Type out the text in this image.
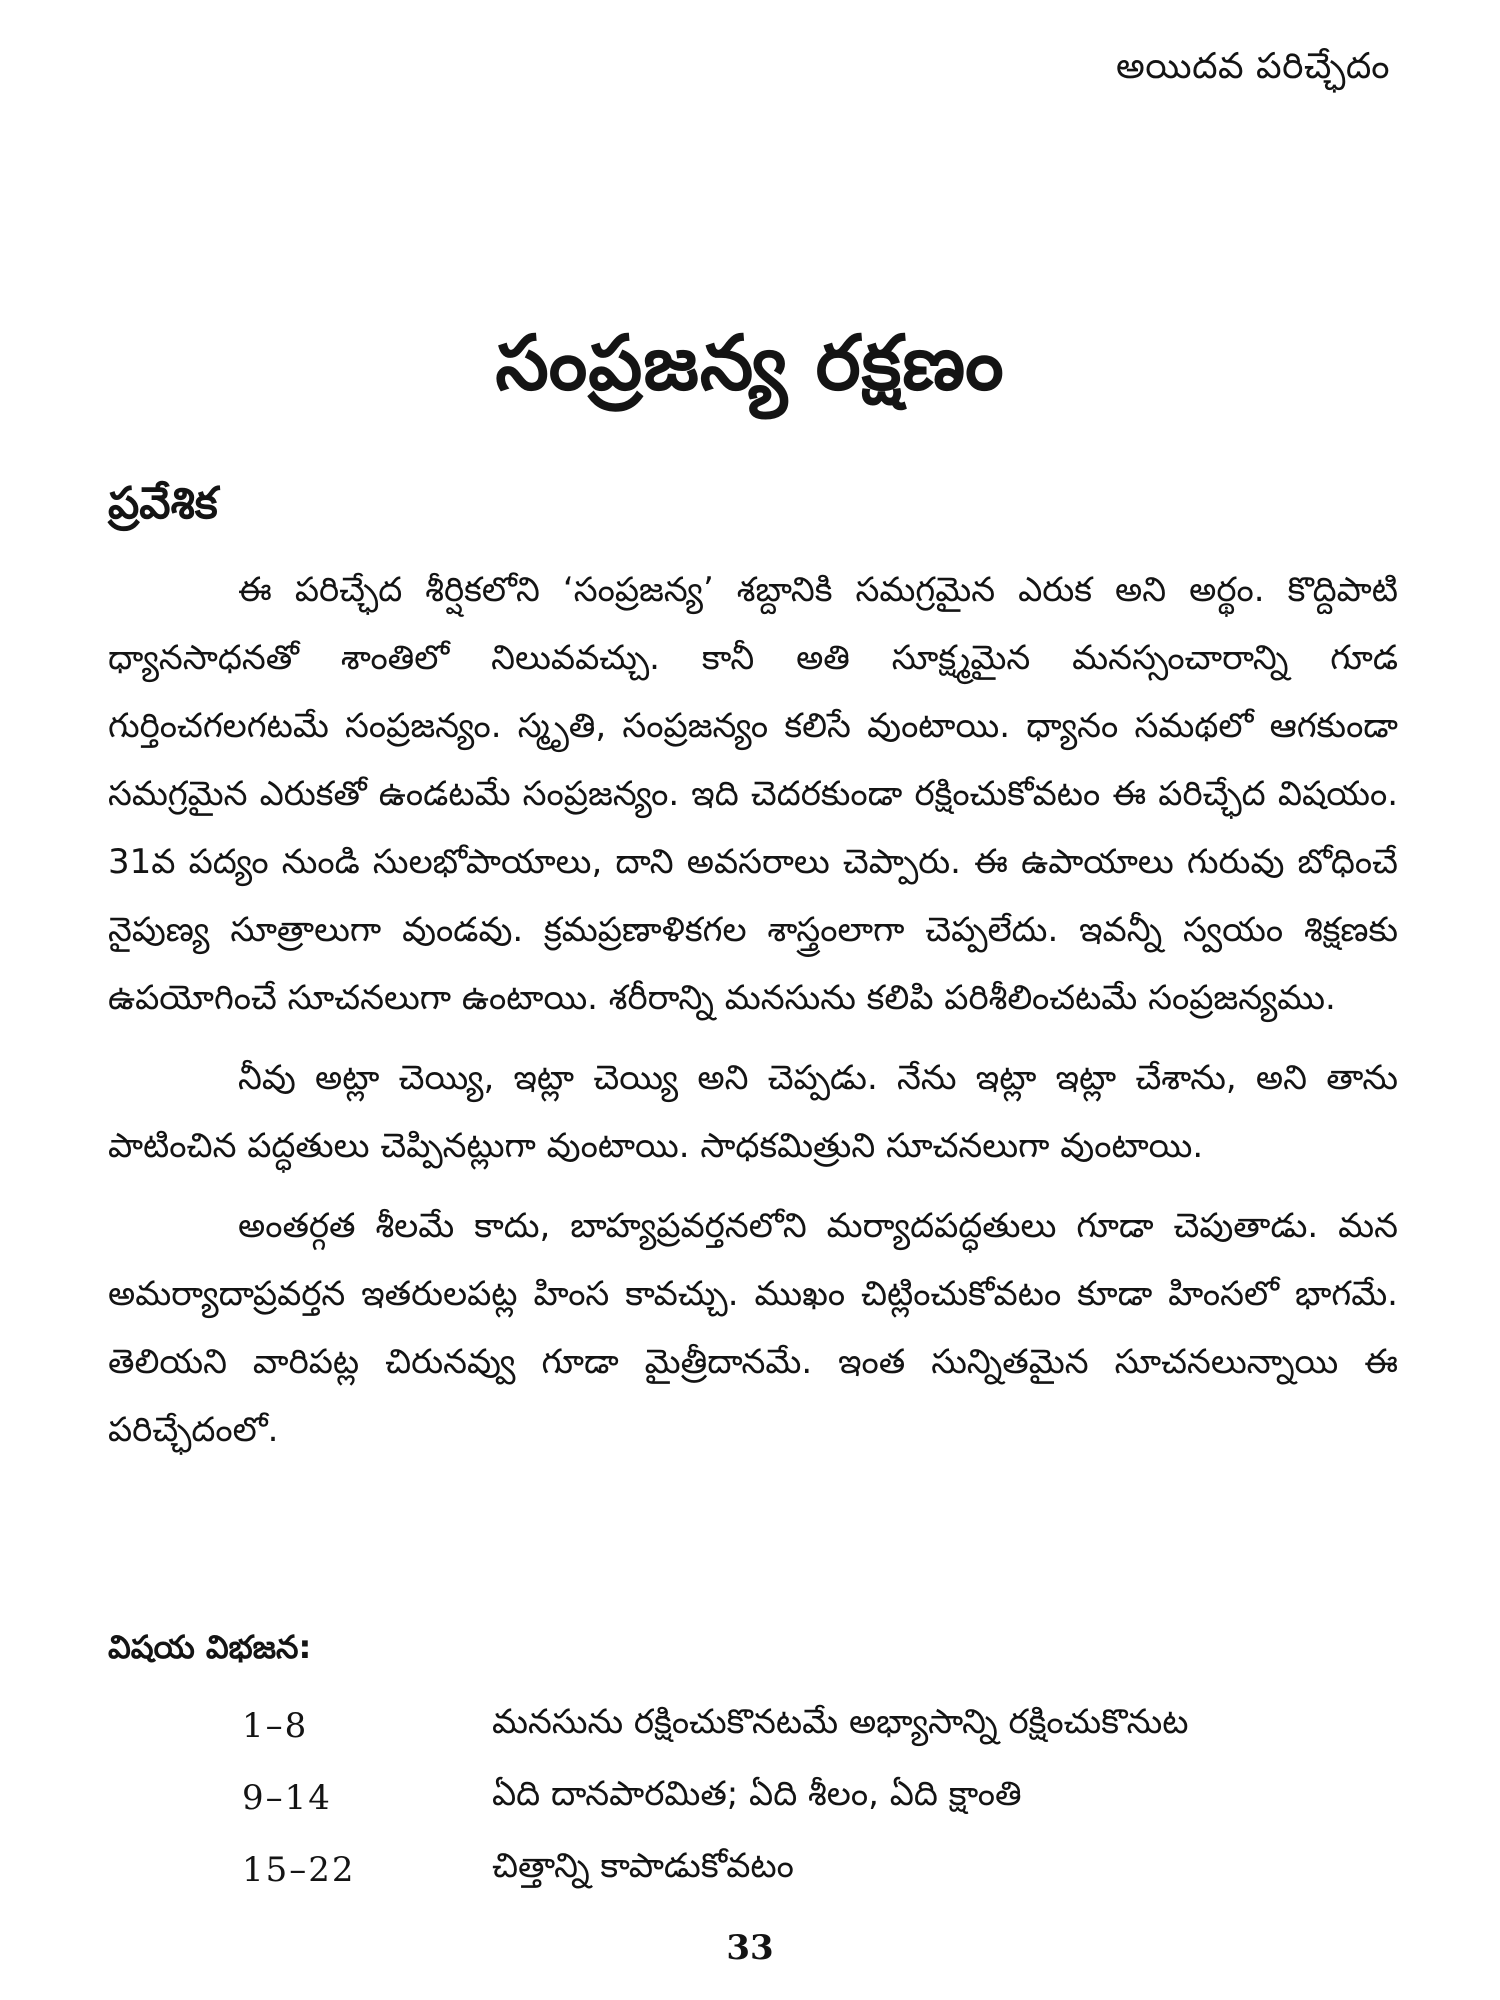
అయిదవ పరిచ్ఛేదం
సంప్రజన్య రక్షణం
ప్రవేశిక

ఈ పరిచ్ఛేద శీర్షికలోని ‘సంప్రజన్య’ శబ్దానికి సమగ్రమైన ఎరుక అని అర్థం. కొద్దిపాటి ధ్యానసాధనతో శాంతిలో నిలువవచ్చు. కానీ అతి సూక్ష్మమైన మనస్సంచారాన్ని గూడ గుర్తించగలగటమే సంప్రజన్యం. స్మృతి, సంప్రజన్యం కలిసే వుంటాయి. ధ్యానం సమథలో ఆగకుండా సమగ్రమైన ఎరుకతో ఉండటమే సంప్రజన్యం. ఇది చెదరకుండా రక్షించుకోవటం ఈ పరిచ్ఛేద విషయం. 31వ పద్యం నుండి సులభోపాయాలు, దాని అవసరాలు చెప్పారు. ఈ ఉపాయాలు గురువు బోధించే నైపుణ్య సూత్రాలుగా వుండవు. క్రమప్రణాళికగల శాస్త్రంలాగా చెప్పలేదు. ఇవన్నీ స్వయం శిక్షణకు ఉపయోగించే సూచనలుగా ఉంటాయి. శరీరాన్ని మనసును కలిపి పరిశీలించటమే సంప్రజన్యము.

నీవు అట్లా చెయ్యి, ఇట్లా చెయ్యి అని చెప్పడు. నేను ఇట్లా ఇట్లా చేశాను, అని తాను పాటించిన పద్ధతులు చెప్పినట్లుగా వుంటాయి. సాధకమిత్రుని సూచనలుగా వుంటాయి.

అంతర్గత శీలమే కాదు, బాహ్యప్రవర్తనలోని మర్యాదపద్ధతులు గూడా చెపుతాడు. మన అమర్యాదాప్రవర్తన ఇతరులపట్ల హింస కావచ్చు. ముఖం చిట్లించుకోవటం కూడా హింసలో భాగమే. తెలియని వారిపట్ల చిరునవ్వు గూడా మైత్రీదానమే. ఇంత సున్నితమైన సూచనలున్నాయి ఈ పరిచ్ఛేదంలో.

విషయ విభజన:
1–8	మనసును రక్షించుకొనటమే అభ్యాసాన్ని రక్షించుకొనుట
9–14	ఏది దానపారమిత; ఏది శీలం, ఏది క్షాంతి
15–22	చిత్తాన్ని కాపాడుకోవటం
33
